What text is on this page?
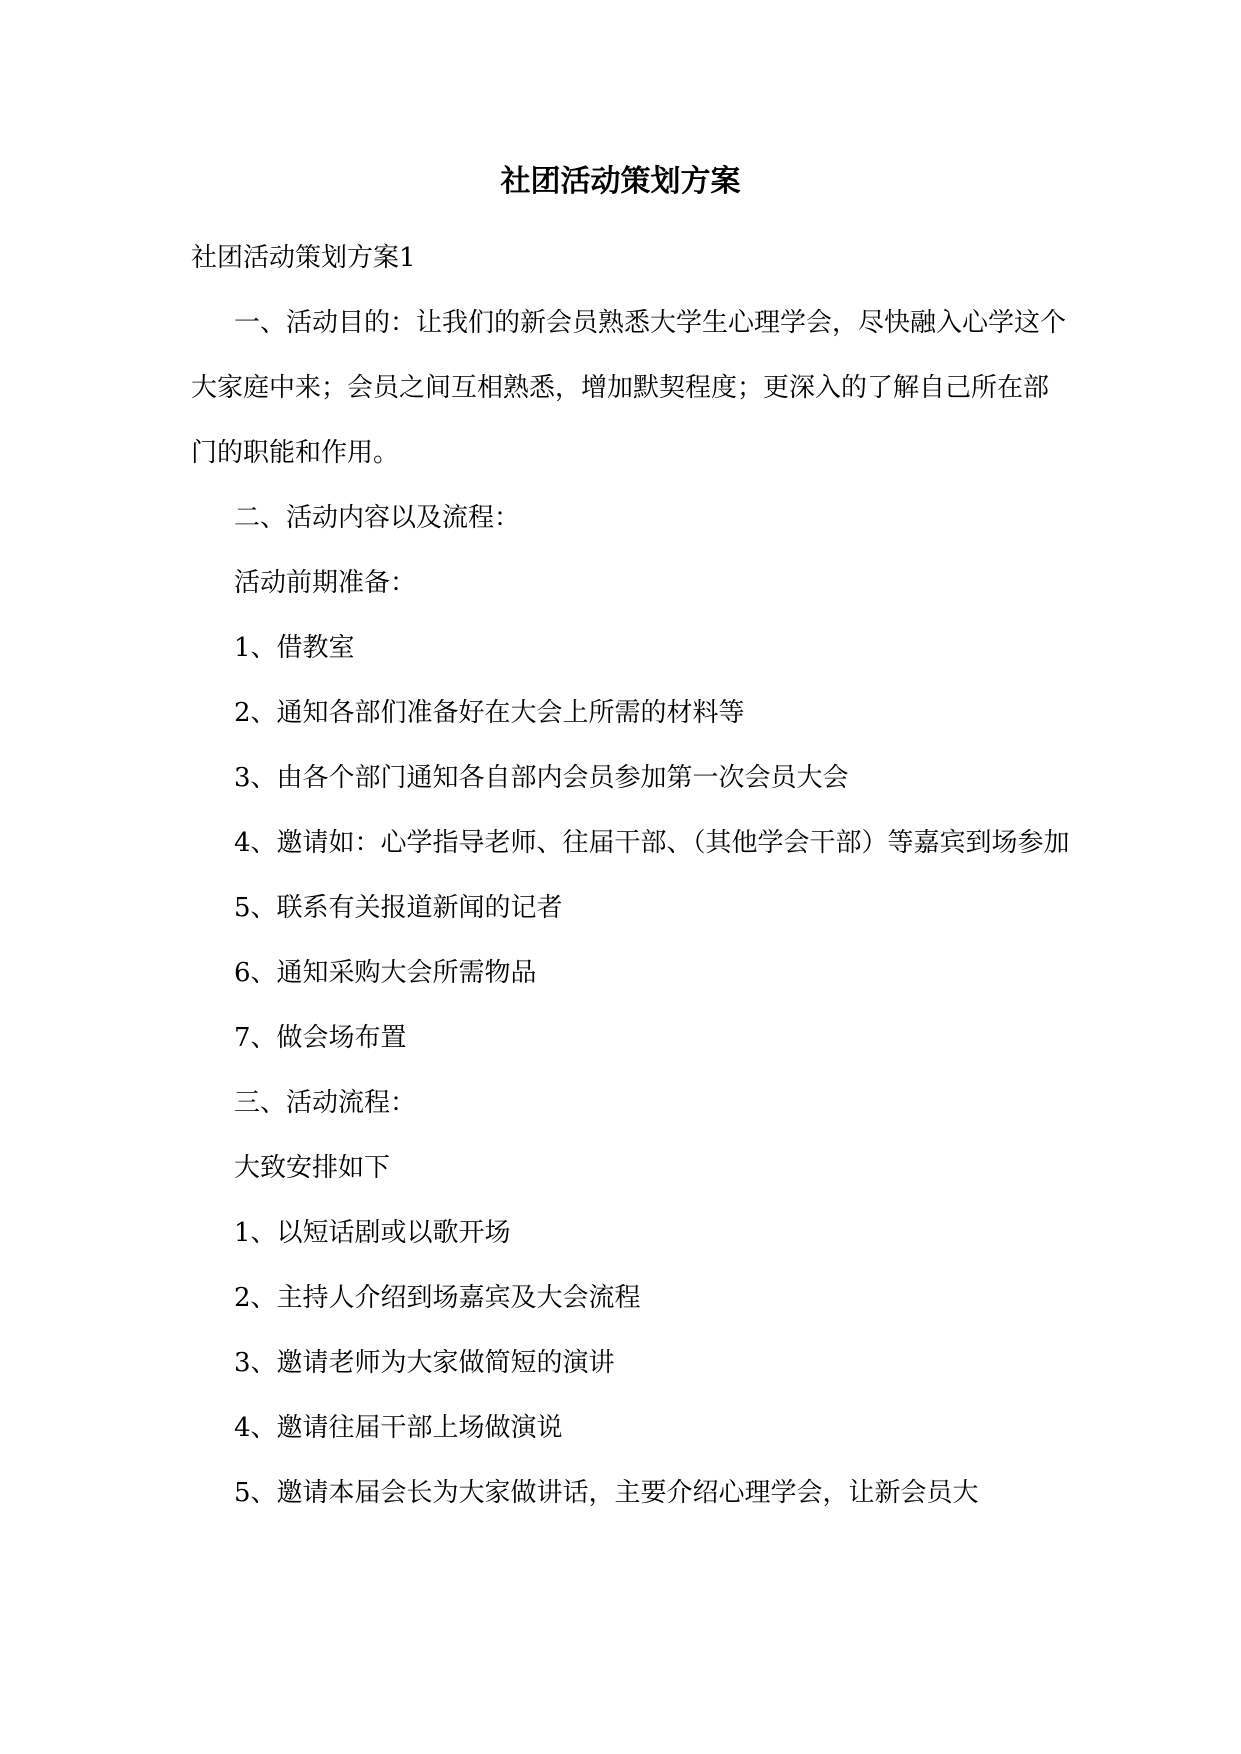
社团活动策划方案

社团活动策划方案1

一、活动目的：让我们的新会员熟悉大学生心理学会，尽快融入心学这个大家庭中来；会员之间互相熟悉，增加默契程度；更深入的了解自己所在部门的职能和作用。

二、活动内容以及流程：

活动前期准备：

1、借教室

2、通知各部们准备好在大会上所需的材料等

3、由各个部门通知各自部内会员参加第一次会员大会

4、邀请如：心学指导老师、往届干部、（其他学会干部）等嘉宾到场参加

5、联系有关报道新闻的记者

6、通知采购大会所需物品

7、做会场布置

三、活动流程：

大致安排如下

1、以短话剧或以歌开场

2、主持人介绍到场嘉宾及大会流程

3、邀请老师为大家做简短的演讲

4、邀请往届干部上场做演说

5、邀请本届会长为大家做讲话，主要介绍心理学会，让新会员大
